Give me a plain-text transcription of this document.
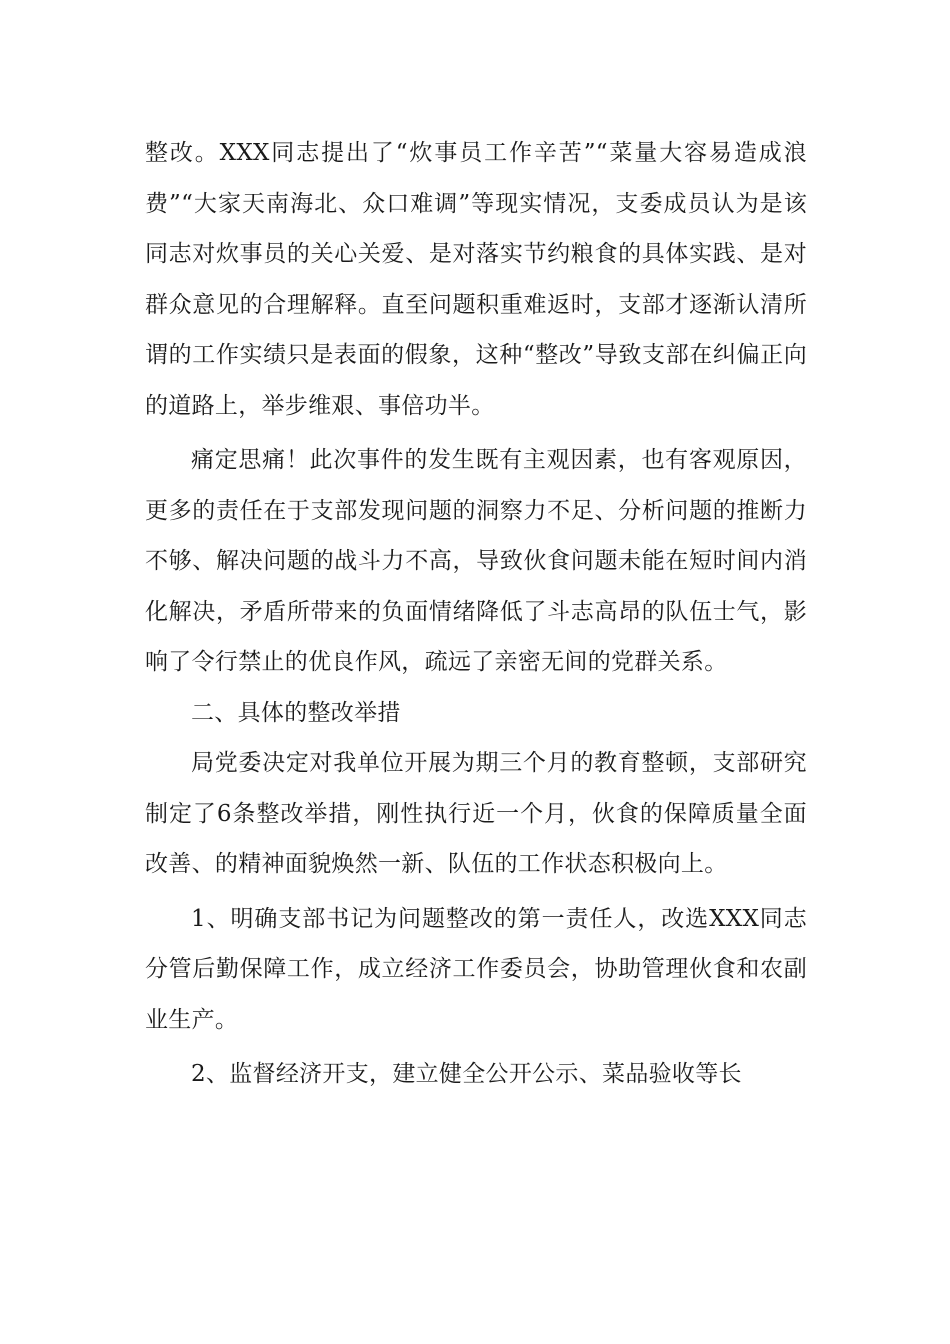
整改。XXX同志提出了“炊事员工作辛苦”“菜量大容易造成浪费”“大家天南海北、众口难调”等现实情况，支委成员认为是该同志对炊事员的关心关爱、是对落实节约粮食的具体实践、是对群众意见的合理解释。直至问题积重难返时，支部才逐渐认清所谓的工作实绩只是表面的假象，这种“整改”导致支部在纠偏正向的道路上，举步维艰、事倍功半。

痛定思痛！此次事件的发生既有主观因素，也有客观原因，更多的责任在于支部发现问题的洞察力不足、分析问题的推断力不够、解决问题的战斗力不高，导致伙食问题未能在短时间内消化解决，矛盾所带来的负面情绪降低了斗志高昂的队伍士气，影响了令行禁止的优良作风，疏远了亲密无间的党群关系。

二、具体的整改举措

局党委决定对我单位开展为期三个月的教育整顿，支部研究制定了6条整改举措，刚性执行近一个月，伙食的保障质量全面改善、的精神面貌焕然一新、队伍的工作状态积极向上。

1、明确支部书记为问题整改的第一责任人，改选XXX同志分管后勤保障工作，成立经济工作委员会，协助管理伙食和农副业生产。

2、监督经济开支，建立健全公开公示、菜品验收等长
